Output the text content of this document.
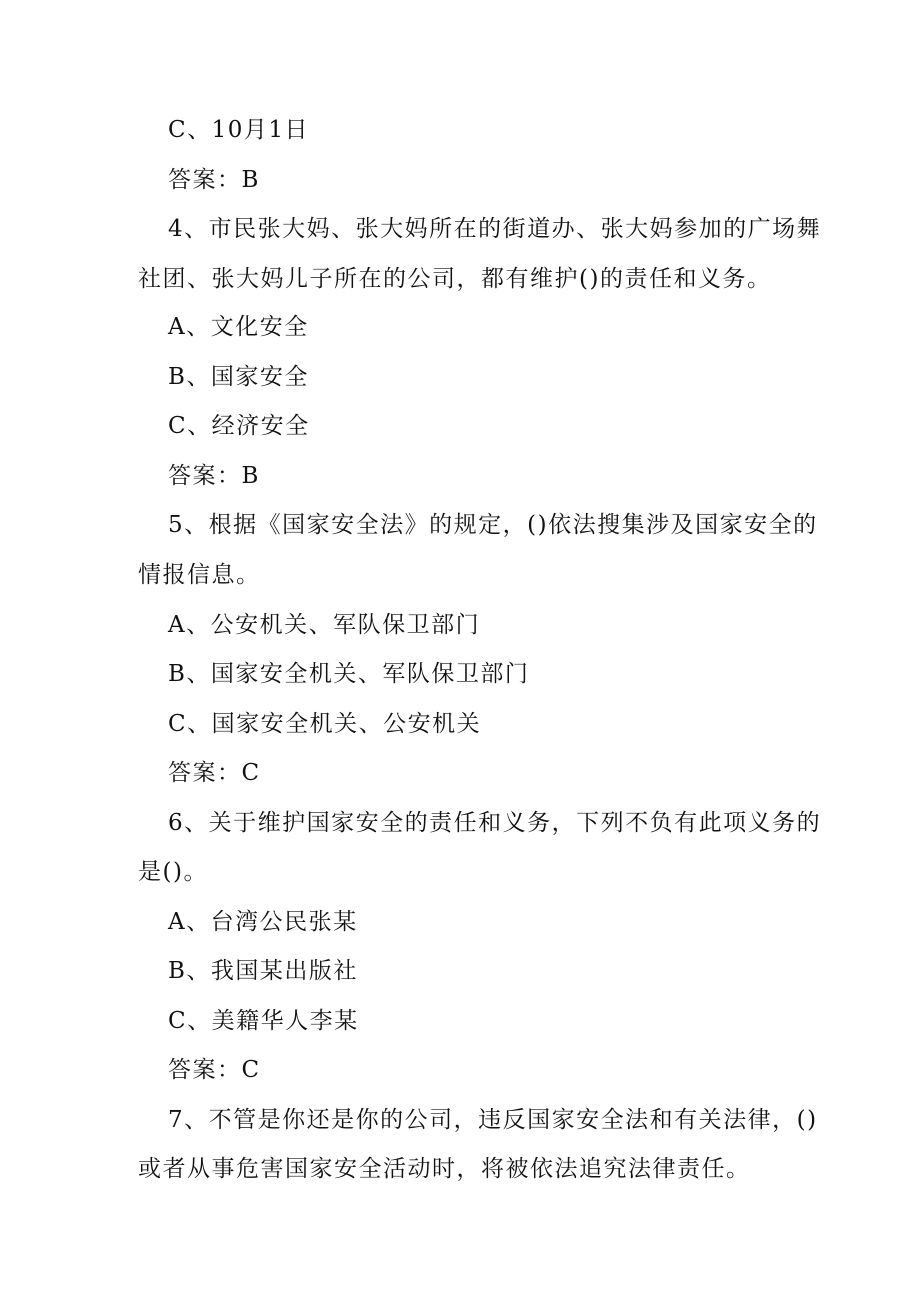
C、10月1日
答案：B
4、市民张大妈、张大妈所在的街道办、张大妈参加的广场舞
社团、张大妈儿子所在的公司，都有维护()的责任和义务。
A、文化安全
B、国家安全
C、经济安全
答案：B
5、根据《国家安全法》的规定，()依法搜集涉及国家安全的
情报信息。
A、公安机关、军队保卫部门
B、国家安全机关、军队保卫部门
C、国家安全机关、公安机关
答案：C
6、关于维护国家安全的责任和义务，下列不负有此项义务的
是()。
A、台湾公民张某
B、我国某出版社
C、美籍华人李某
答案：C
7、不管是你还是你的公司，违反国家安全法和有关法律，()
或者从事危害国家安全活动时，将被依法追究法律责任。
